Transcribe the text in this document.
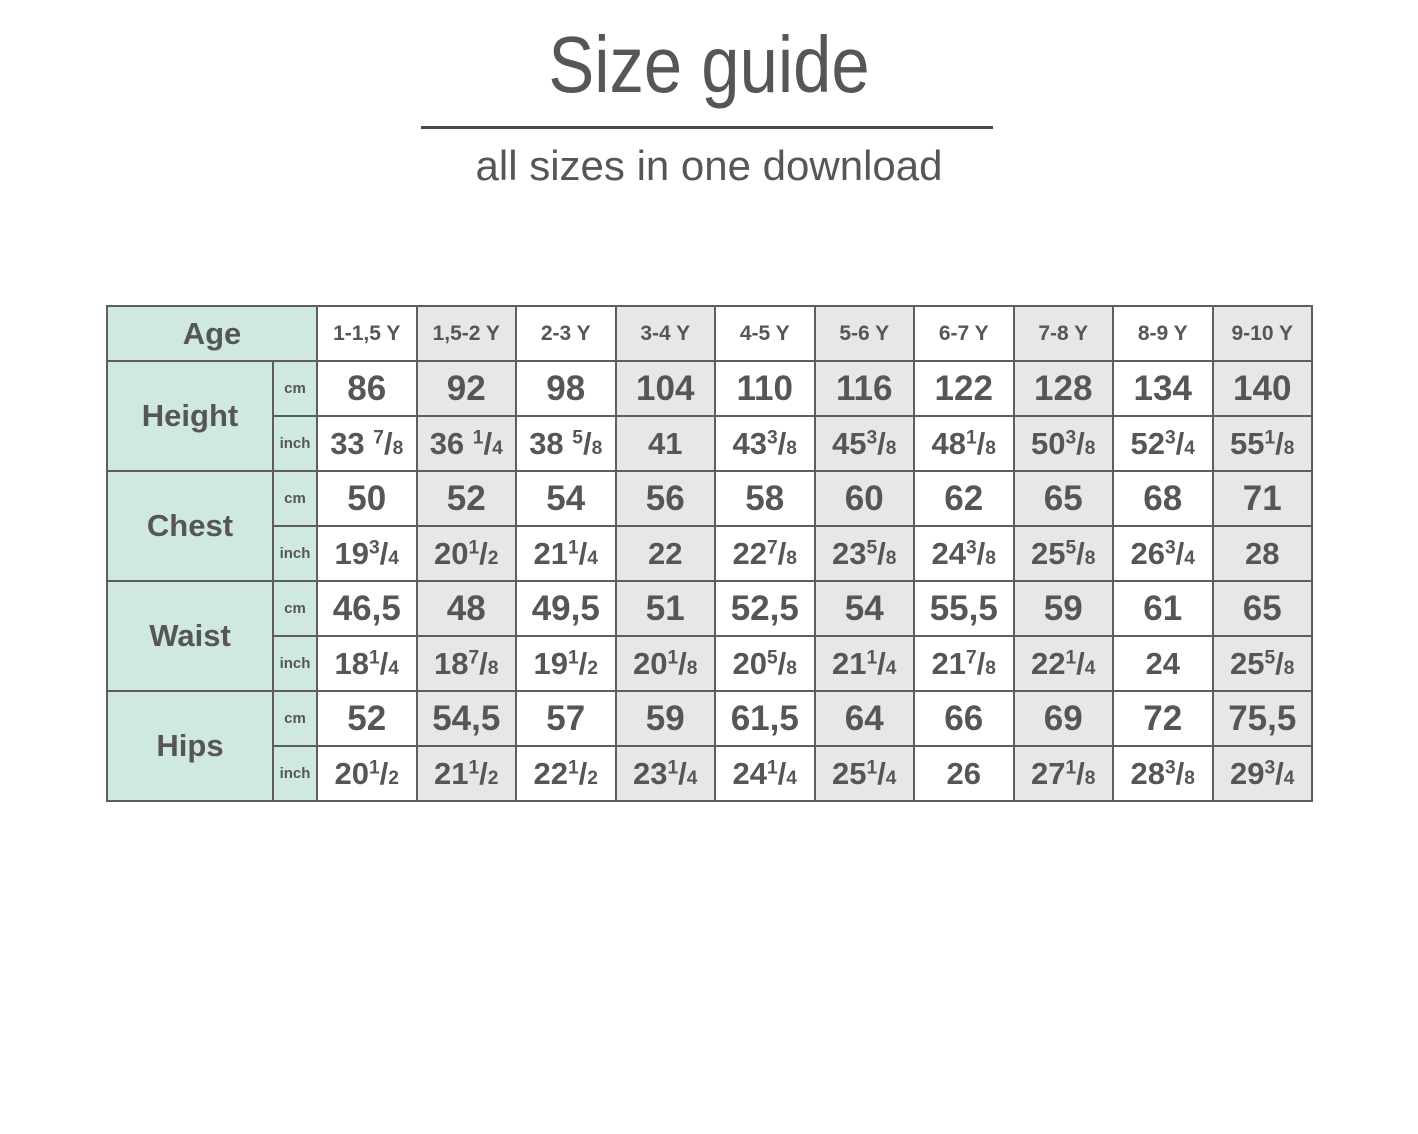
Size guide
all sizes in one download
Age		1-1,5 Y	1,5-2 Y	2-3 Y	3-4 Y	4-5 Y	5-6 Y	6-7 Y	7-8 Y	8-9 Y	9-10 Y
Height	cm	86	92	98	104	110	116	122	128	134	140
	inch	33 $^7$/8	36 $^1$/4	38 $^5$/8	41	$43^3/8$	$45^3/8$	$48^1/8$	$50^3/8$	$52^3/4$	$55^1/8$
Chest	cm	50	52	54	56	58	60	62	65	68	71
	inch	$19^3/4$	$20^1/2$	$21^1/4$	22	$22^7/8$	$23^5/8$	$24^3/8$	$25^5/8$	$26^3/4$	28
Waist	cm	46,5	48	49,5	51	52,5	54	55,5	59	61	65
	inch	$18^1/4$	$18^7/8$	$19^1/2$	$20^1/8$	$20^5/8$	$21^1/4$	$21^7/8$	$22^1/4$	24	$25^5/8$
Hips	cm	52	54,5	57	59	61,5	64	66	69	72	75,5
	inch	$20^1/2$	$21^1/2$	$22^1/2$	$23^1/4$	$24^1/4$	$25^1/4$	26	$27^1/8$	$28^3/8$	$29^3/4$
